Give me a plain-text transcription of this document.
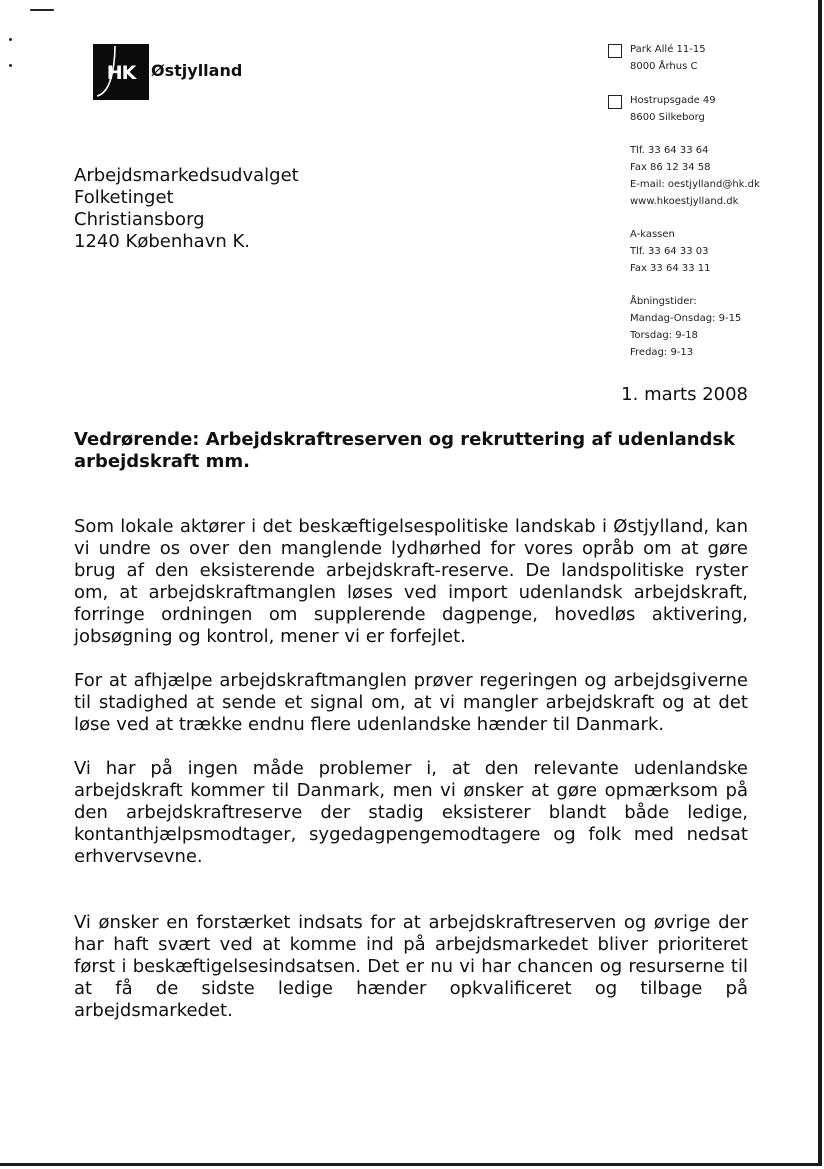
HK Østjylland
Park Allé 11-15
8000 Århus C
Hostrupsgade 49
8600 Silkeborg
Tlf. 33 64 33 64
Fax 86 12 34 58
E-mail: oestjylland@hk.dk
www.hkoestjylland.dk
A-kassen
Tlf. 33 64 33 03
Fax 33 64 33 11
Åbningstider:
Mandag-Onsdag: 9-15
Torsdag: 9-18
Fredag: 9-13
Arbejdsmarkedsudvalget
Folketinget
Christiansborg
1240 København K.
1. marts 2008
Vedrørende: Arbejdskraftreserven og rekruttering af udenlandsk arbejdskraft mm.

Som lokale aktører i det beskæftigelsespolitiske landskab i Østjylland, kan vi undre os over den manglende lydhørhed for vores opråb om at gøre brug af den eksisterende arbejdskraft-reserve. De landspolitiske ryster om, at arbejdskraftmanglen løses ved import udenlandsk arbejdskraft, forringe ordningen om supplerende dagpenge, hovedløs aktivering, jobsøgning og kontrol, mener vi er forfejlet.

For at afhjælpe arbejdskraftmanglen prøver regeringen og arbejdsgiverne til stadighed at sende et signal om, at vi mangler arbejdskraft og at det løse ved at trække endnu flere udenlandske hænder til Danmark.

Vi har på ingen måde problemer i, at den relevante udenlandske arbejdskraft kommer til Danmark, men vi ønsker at gøre opmærksom på den arbejdskraftreserve der stadig eksisterer blandt både ledige, kontanthjælpsmodtager, sygedagpengemodtagere og folk med nedsat erhvervsevne.

Vi ønsker en forstærket indsats for at arbejdskraftreserven og øvrige der har haft svært ved at komme ind på arbejdsmarkedet bliver prioriteret først i beskæftigelsesindsatsen. Det er nu vi har chancen og resurserne til at få de sidste ledige hænder opkvalificeret og tilbage på arbejdsmarkedet.
